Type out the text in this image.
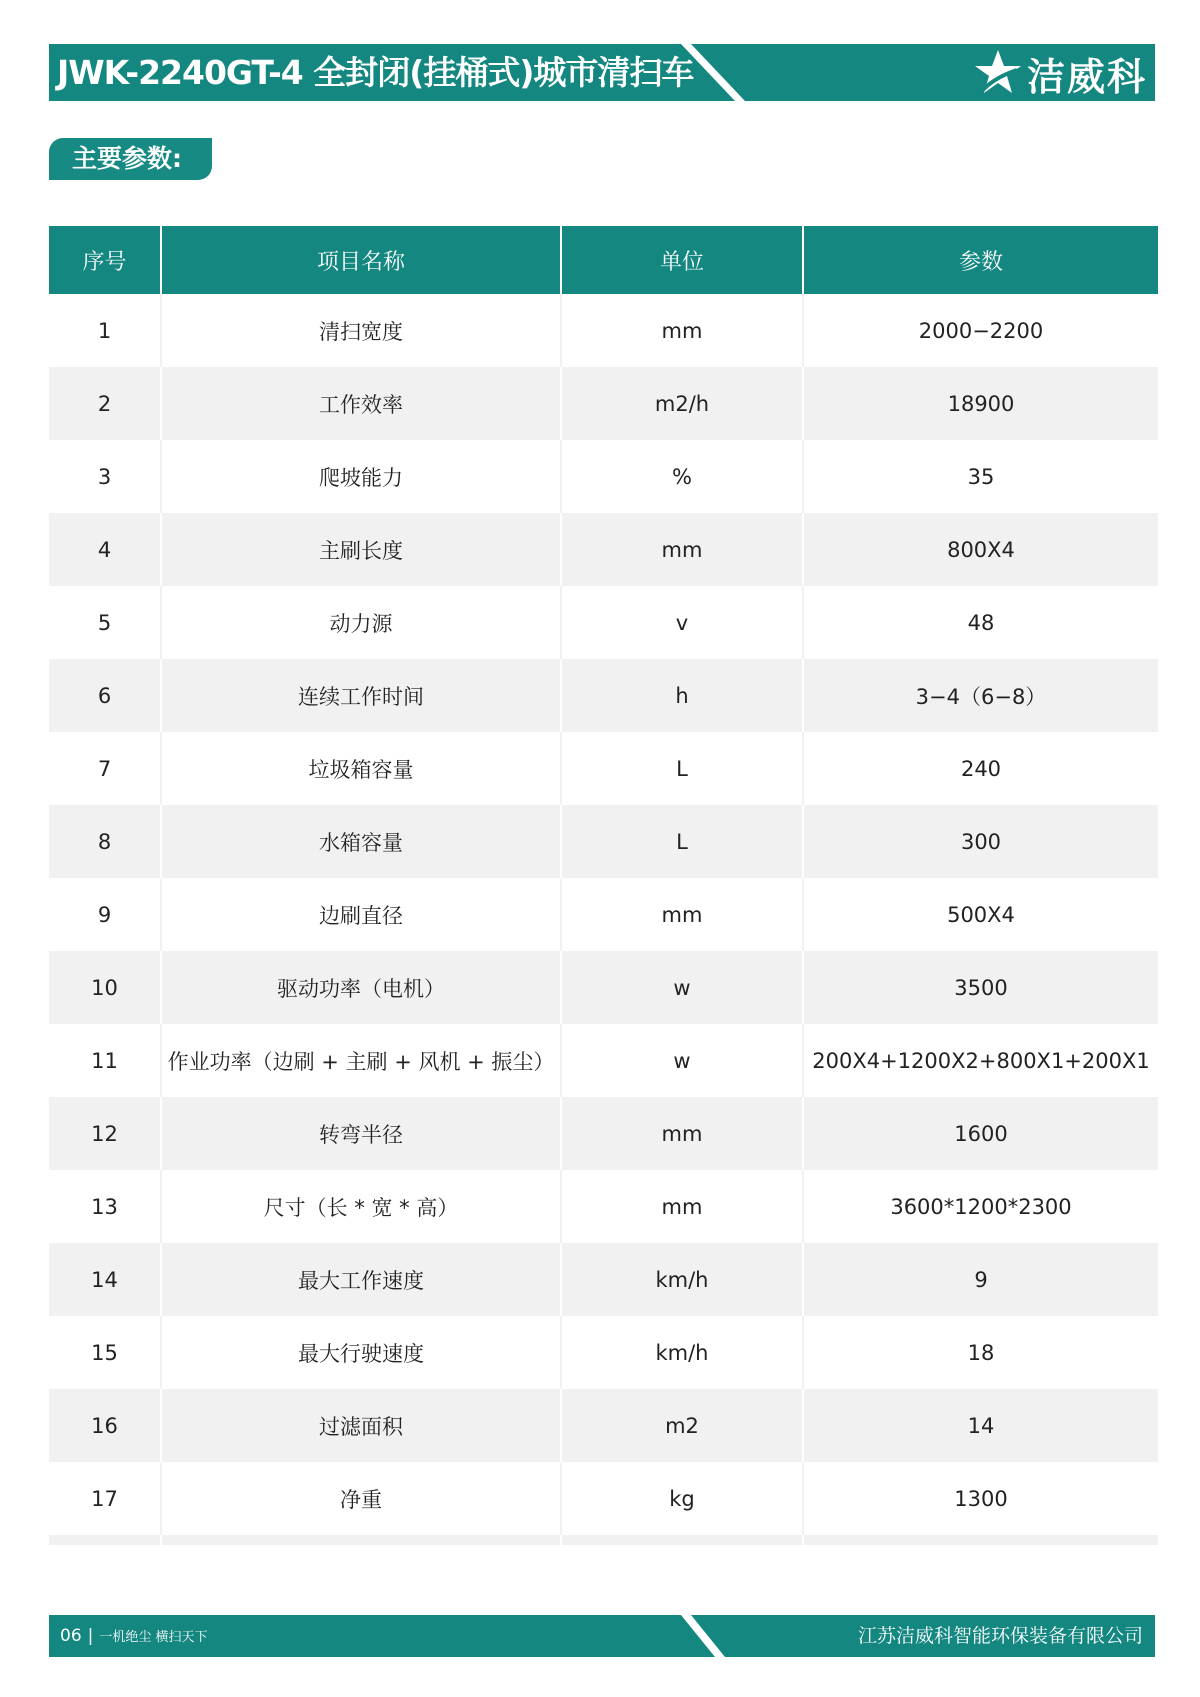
JWK-2240GT-4 全封闭(挂桶式)城市清扫车	洁威科
主要参数:
序号	项目名称	单位	参数
1	清扫宽度	mm	2000−2200
2	工作效率	m2/h	18900
3	爬坡能力	%	35
4	主刷长度	mm	800X4
5	动力源	v	48
6	连续工作时间	h	3−4（6−8）
7	垃圾箱容量	L	240
8	水箱容量	L	300
9	边刷直径	mm	500X4
10	驱动功率（电机）	w	3500
11	作业功率（边刷 + 主刷 + 风机 + 振尘）	w	200X4+1200X2+800X1+200X1
12	转弯半径	mm	1600
13	尺寸（长 * 宽 * 高）	mm	3600*1200*2300
14	最大工作速度	km/h	9
15	最大行驶速度	km/h	18
16	过滤面积	m2	14
17	净重	kg	1300

06 | 一机绝尘 横扫天下	江苏洁威科智能环保装备有限公司
